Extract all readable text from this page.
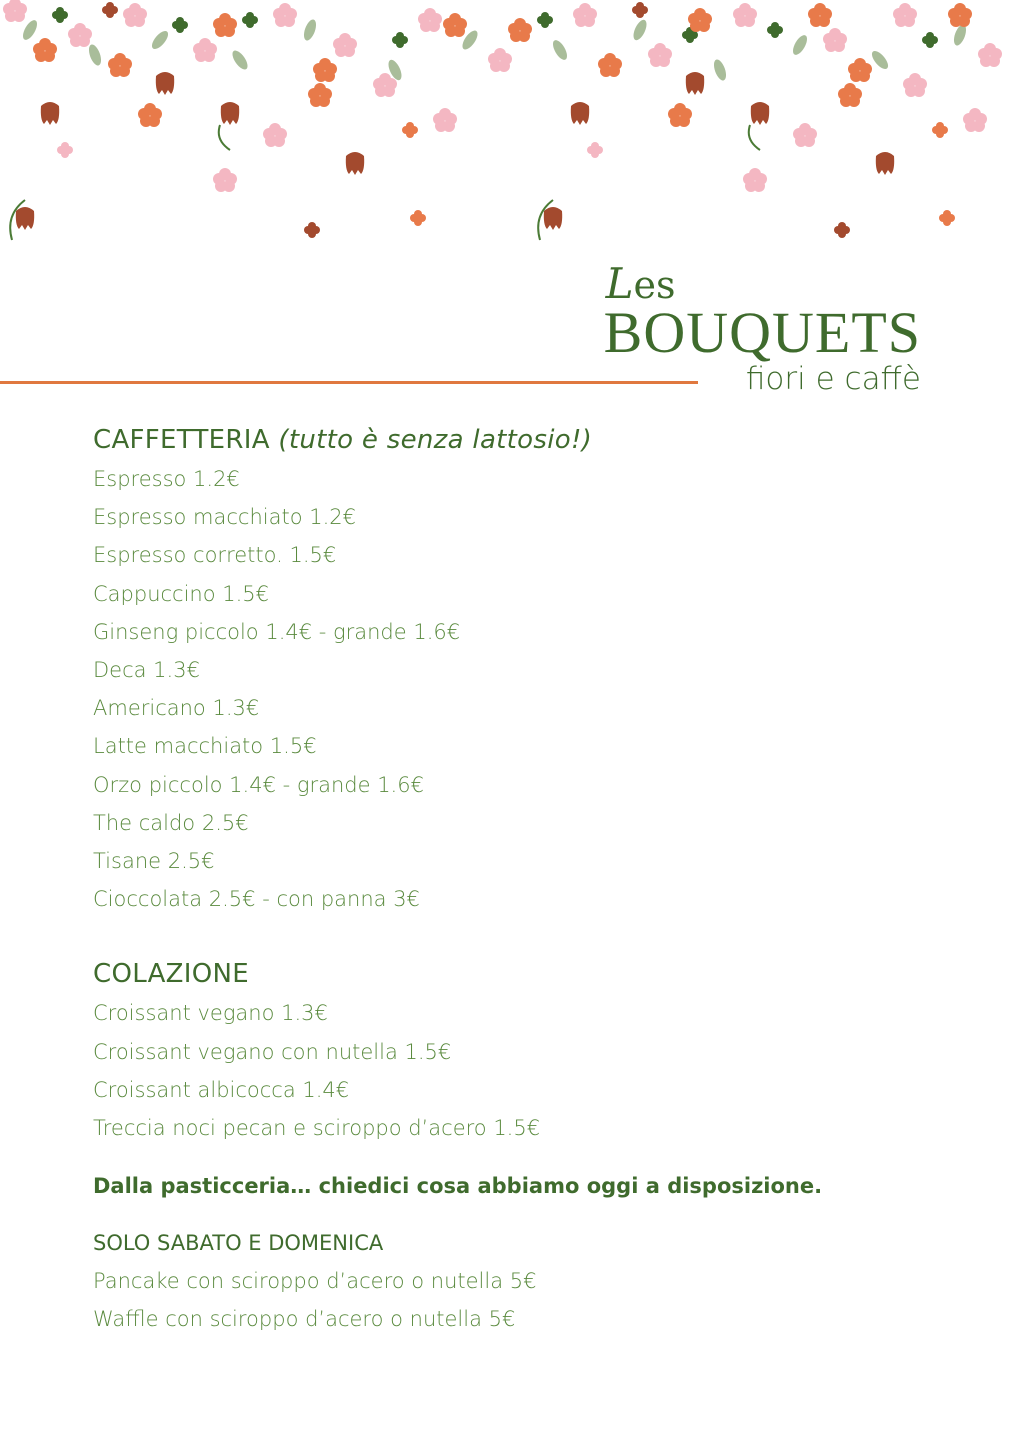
Les
BOUQUETS
fiori e caffè
CAFFETTERIA (tutto è senza lattosio!)
Espresso 1.2€
Espresso macchiato 1.2€
Espresso corretto. 1.5€
Cappuccino 1.5€
Ginseng piccolo 1.4€ - grande 1.6€
Deca 1.3€
Americano 1.3€
Latte macchiato 1.5€
Orzo piccolo 1.4€ - grande 1.6€
The caldo 2.5€
Tisane 2.5€
Cioccolata 2.5€ - con panna 3€
COLAZIONE
Croissant vegano 1.3€
Croissant vegano con nutella 1.5€
Croissant albicocca 1.4€
Treccia noci pecan e sciroppo d’acero 1.5€
Dalla pasticceria… chiedici cosa abbiamo oggi a disposizione.
SOLO SABATO E DOMENICA
Pancake con sciroppo d’acero o nutella 5€
Waffle con sciroppo d’acero o nutella 5€
